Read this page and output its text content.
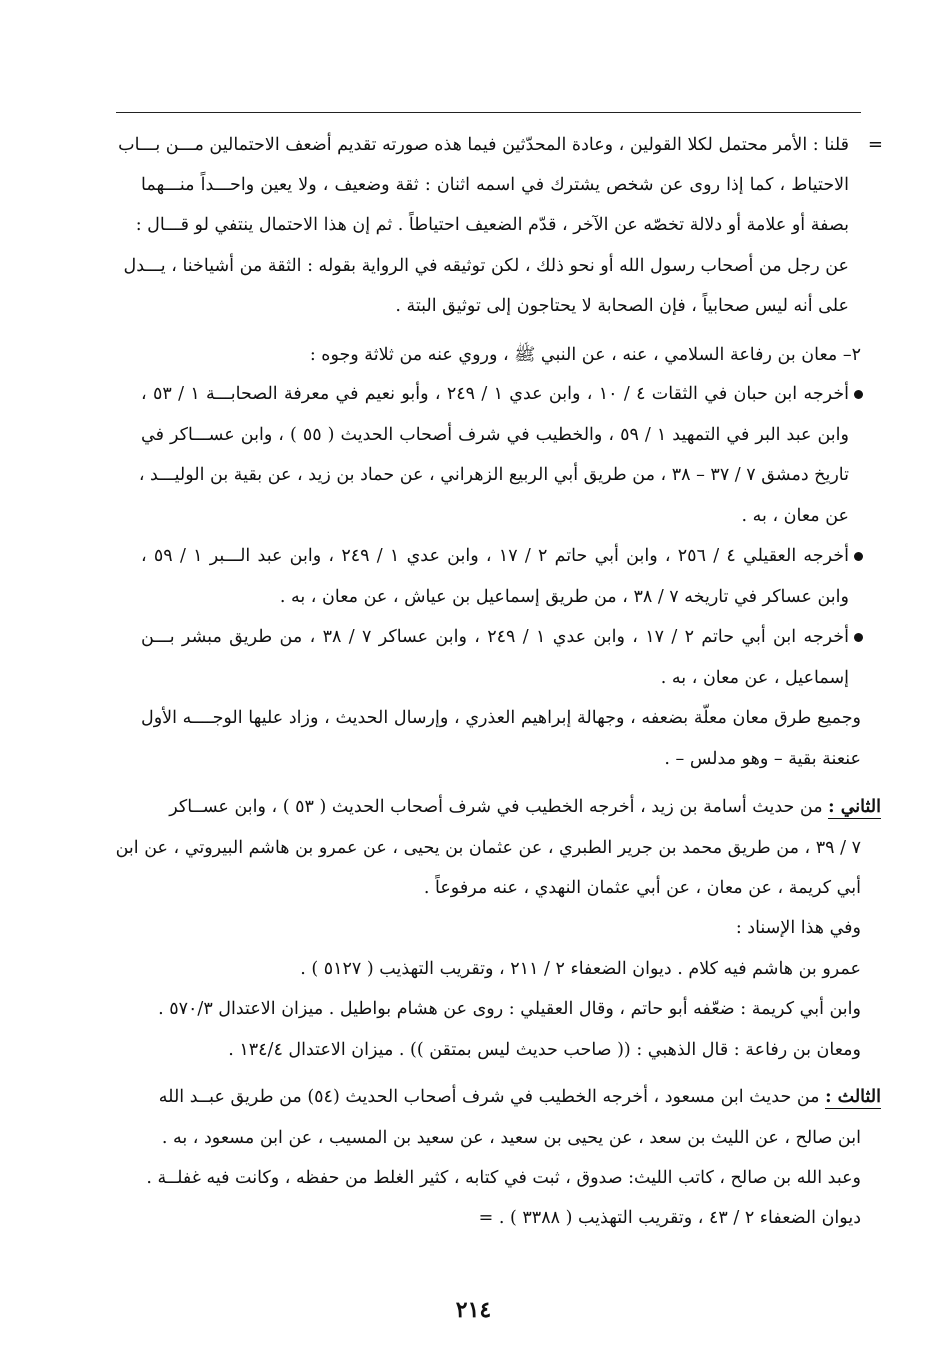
=
قلنا : الأمر محتمل لكلا القولين ، وعادة المحدّثين فيما هذه صورته تقديم أضعف الاحتمالين مـــن بـــاب
الاحتياط ، كما إذا روى عن شخص يشترك في اسمه اثنان : ثقة وضعيف ، ولا يعين واحـــداً منـــهما
بصفة أو علامة أو دلالة تخصّه عن الآخر ، قدّم الضعيف احتياطاً . ثم إن هذا الاحتمال ينتفي لو قـــال :
عن رجل من أصحاب رسول الله أو نحو ذلك ، لكن توثيقه في الرواية بقوله : الثقة من أشياخنا ، يـــدل
على أنه ليس صحابياً ، فإن الصحابة لا يحتاجون إلى توثيق البتة .
٢– معان بن رفاعة السلامي ، عنه ، عن النبي ﷺ ، وروي عنه من ثلاثة وجوه :
أخرجه ابن حبان في الثقات ٤ / ١٠ ، وابن عدي ١ / ٢٤٩ ، وأبو نعيم في معرفة الصحابـــة ١ / ٥٣ ،
وابن عبد البر في التمهيد ١ / ٥٩ ، والخطيب في شرف أصحاب الحديث ( ٥٥ ) ، وابن عســـاكر في
تاريخ دمشق ٧ / ٣٧ – ٣٨ ، من طريق أبي الربيع الزهراني ، عن حماد بن زيد ، عن بقية بن الوليـــد ،
عن معان ، به .
أخرجه العقيلي ٤ / ٢٥٦ ، وابن أبي حاتم ٢ / ١٧ ، وابن عدي ١ / ٢٤٩ ، وابن عبد الـــبر ١ / ٥٩ ،
وابن عساكر في تاريخه ٧ / ٣٨ ، من طريق إسماعيل بن عياش ، عن معان ، به .
أخرجه ابن أبي حاتم ٢ / ١٧ ، وابن عدي ١ / ٢٤٩ ، وابن عساكر ٧ / ٣٨ ، من طريق مبشر بـــن
إسماعيل ، عن معان ، به .
وجميع طرق معان معلّة بضعفه ، وجهالة إبراهيم العذري ، وإرسال الحديث ، وزاد عليها الوجــــه الأول
عنعنة بقية – وهو مدلس – .
الثاني : من حديث أسامة بن زيد ، أخرجه الخطيب في شرف أصحاب الحديث ( ٥٣ ) ، وابن عســاكر
٧ / ٣٩ ، من طريق محمد بن جرير الطبري ، عن عثمان بن يحيى ، عن عمرو بن هاشم البيروتي ، عن ابن
أبي كريمة ، عن معان ، عن أبي عثمان النهدي ، عنه مرفوعاً .
وفي هذا الإسناد :
عمرو بن هاشم فيه كلام . ديوان الضعفاء ٢ / ٢١١ ، وتقريب التهذيب ( ٥١٢٧ ) .
وابن أبي كريمة : ضعّفه أبو حاتم ، وقال العقيلي : روى عن هشام بواطيل . ميزان الاعتدال ٥٧٠/٣ .
ومعان بن رفاعة : قال الذهبي : (( صاحب حديث ليس بمتقن )) . ميزان الاعتدال ١٣٤/٤ .
الثالث : من حديث ابن مسعود ، أخرجه الخطيب في شرف أصحاب الحديث (٥٤) من طريق عبــد الله
ابن صالح ، عن الليث بن سعد ، عن يحيى بن سعيد ، عن سعيد بن المسيب ، عن ابن مسعود ، به .
وعبد الله بن صالح ، كاتب الليث: صدوق ، ثبت في كتابه ، كثير الغلط من حفظه ، وكانت فيه غفلــة .
ديوان الضعفاء ٢ / ٤٣ ، وتقريب التهذيب ( ٣٣٨٨ ) . =
٢١٤
